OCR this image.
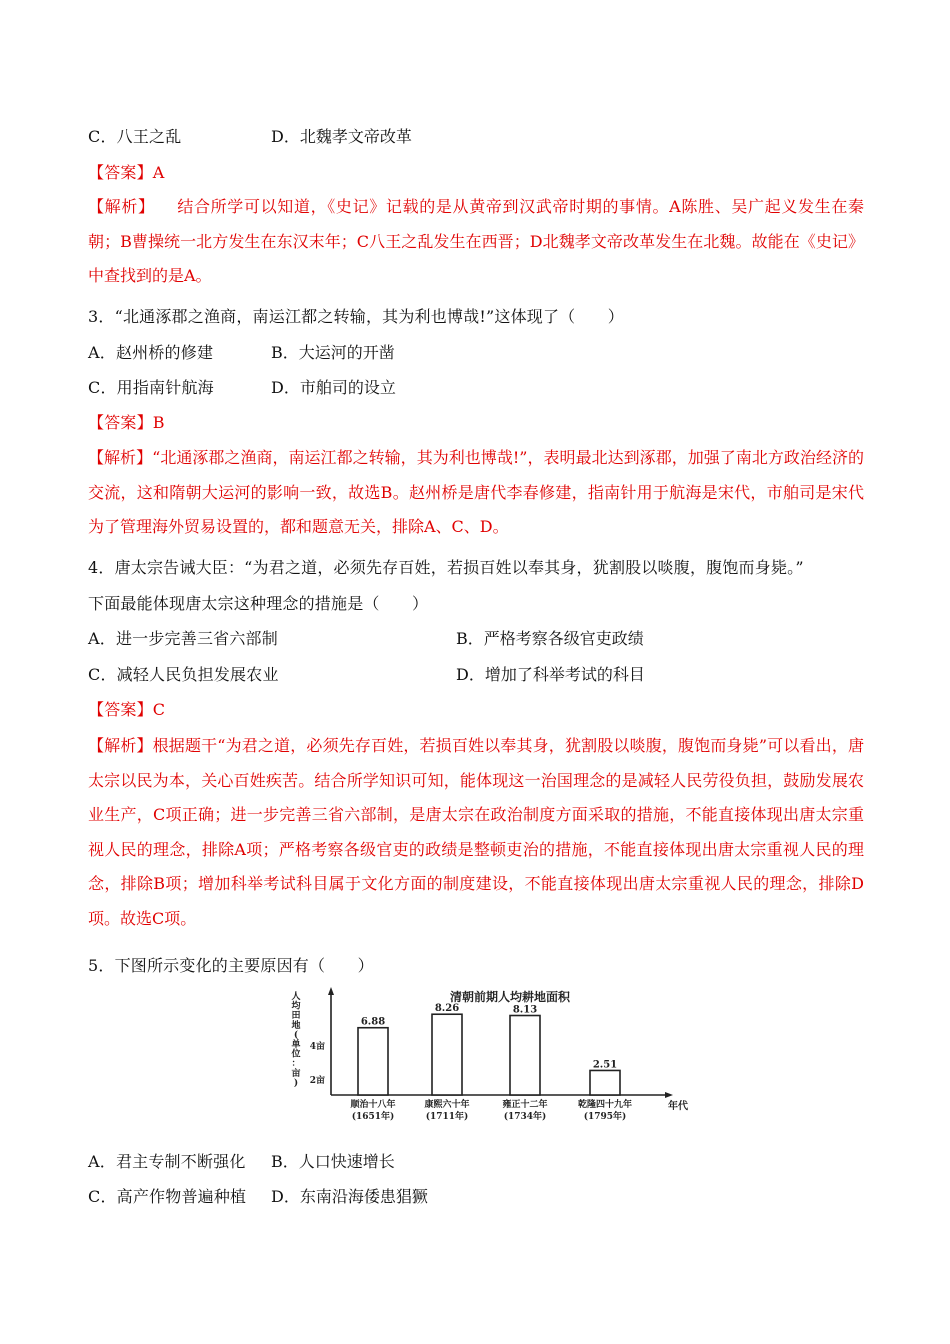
C．八王之乱	D．北魏孝文帝改革
【答案】A
【解析】 结合所学可以知道，《史记》记载的是从黄帝到汉武帝时期的事情。A陈胜、吴广起义发生在秦朝；B曹操统一北方发生在东汉末年；C八王之乱发生在西晋；D北魏孝文帝改革发生在北魏。故能在《史记》中查找到的是A。
3．“北通涿郡之渔商，南运江都之转输，其为利也博哉!”这体现了（　　）
A．赵州桥的修建	B．大运河的开凿
C．用指南针航海	D．市舶司的设立
【答案】B
【解析】“北通涿郡之渔商，南运江都之转输，其为利也博哉!”，表明最北达到涿郡，加强了南北方政治经济的交流，这和隋朝大运河的影响一致，故选B。赵州桥是唐代李春修建，指南针用于航海是宋代，市舶司是宋代为了管理海外贸易设置的，都和题意无关，排除A、C、D。
4．唐太宗告诫大臣：“为君之道，必须先存百姓，若损百姓以奉其身，犹割股以啖腹，腹饱而身毙。”
下面最能体现唐太宗这种理念的措施是（　　）
A．进一步完善三省六部制	B．严格考察各级官吏政绩
C．减轻人民负担发展农业	D．增加了科举考试的科目
【答案】C
【解析】根据题干“为君之道，必须先存百姓，若损百姓以奉其身，犹割股以啖腹，腹饱而身毙”可以看出，唐太宗以民为本，关心百姓疾苦。结合所学知识可知，能体现这一治国理念的是减轻人民劳役负担，鼓励发展农业生产，C项正确；进一步完善三省六部制，是唐太宗在政治制度方面采取的措施，不能直接体现出唐太宗重视人民的理念，排除A项；严格考察各级官吏的政绩是整顿吏治的措施，不能直接体现出唐太宗重视人民的理念，排除B项；增加科举考试科目属于文化方面的制度建设，不能直接体现出唐太宗重视人民的理念，排除D项。故选C项。
5．下图所示变化的主要原因有（　　）
清朝前期人均耕地面积
人
均
田
地
(
单
位
：
亩
)
4亩
2亩
年代
6.88
顺治十八年
(1651年)
8.26
康熙六十年
(1711年)
8.13
雍正十二年
(1734年)
2.51
乾隆四十九年
(1795年)
A．君主专制不断强化 B．人口快速增长
C．高产作物普遍种植 D．东南沿海倭患猖獗
